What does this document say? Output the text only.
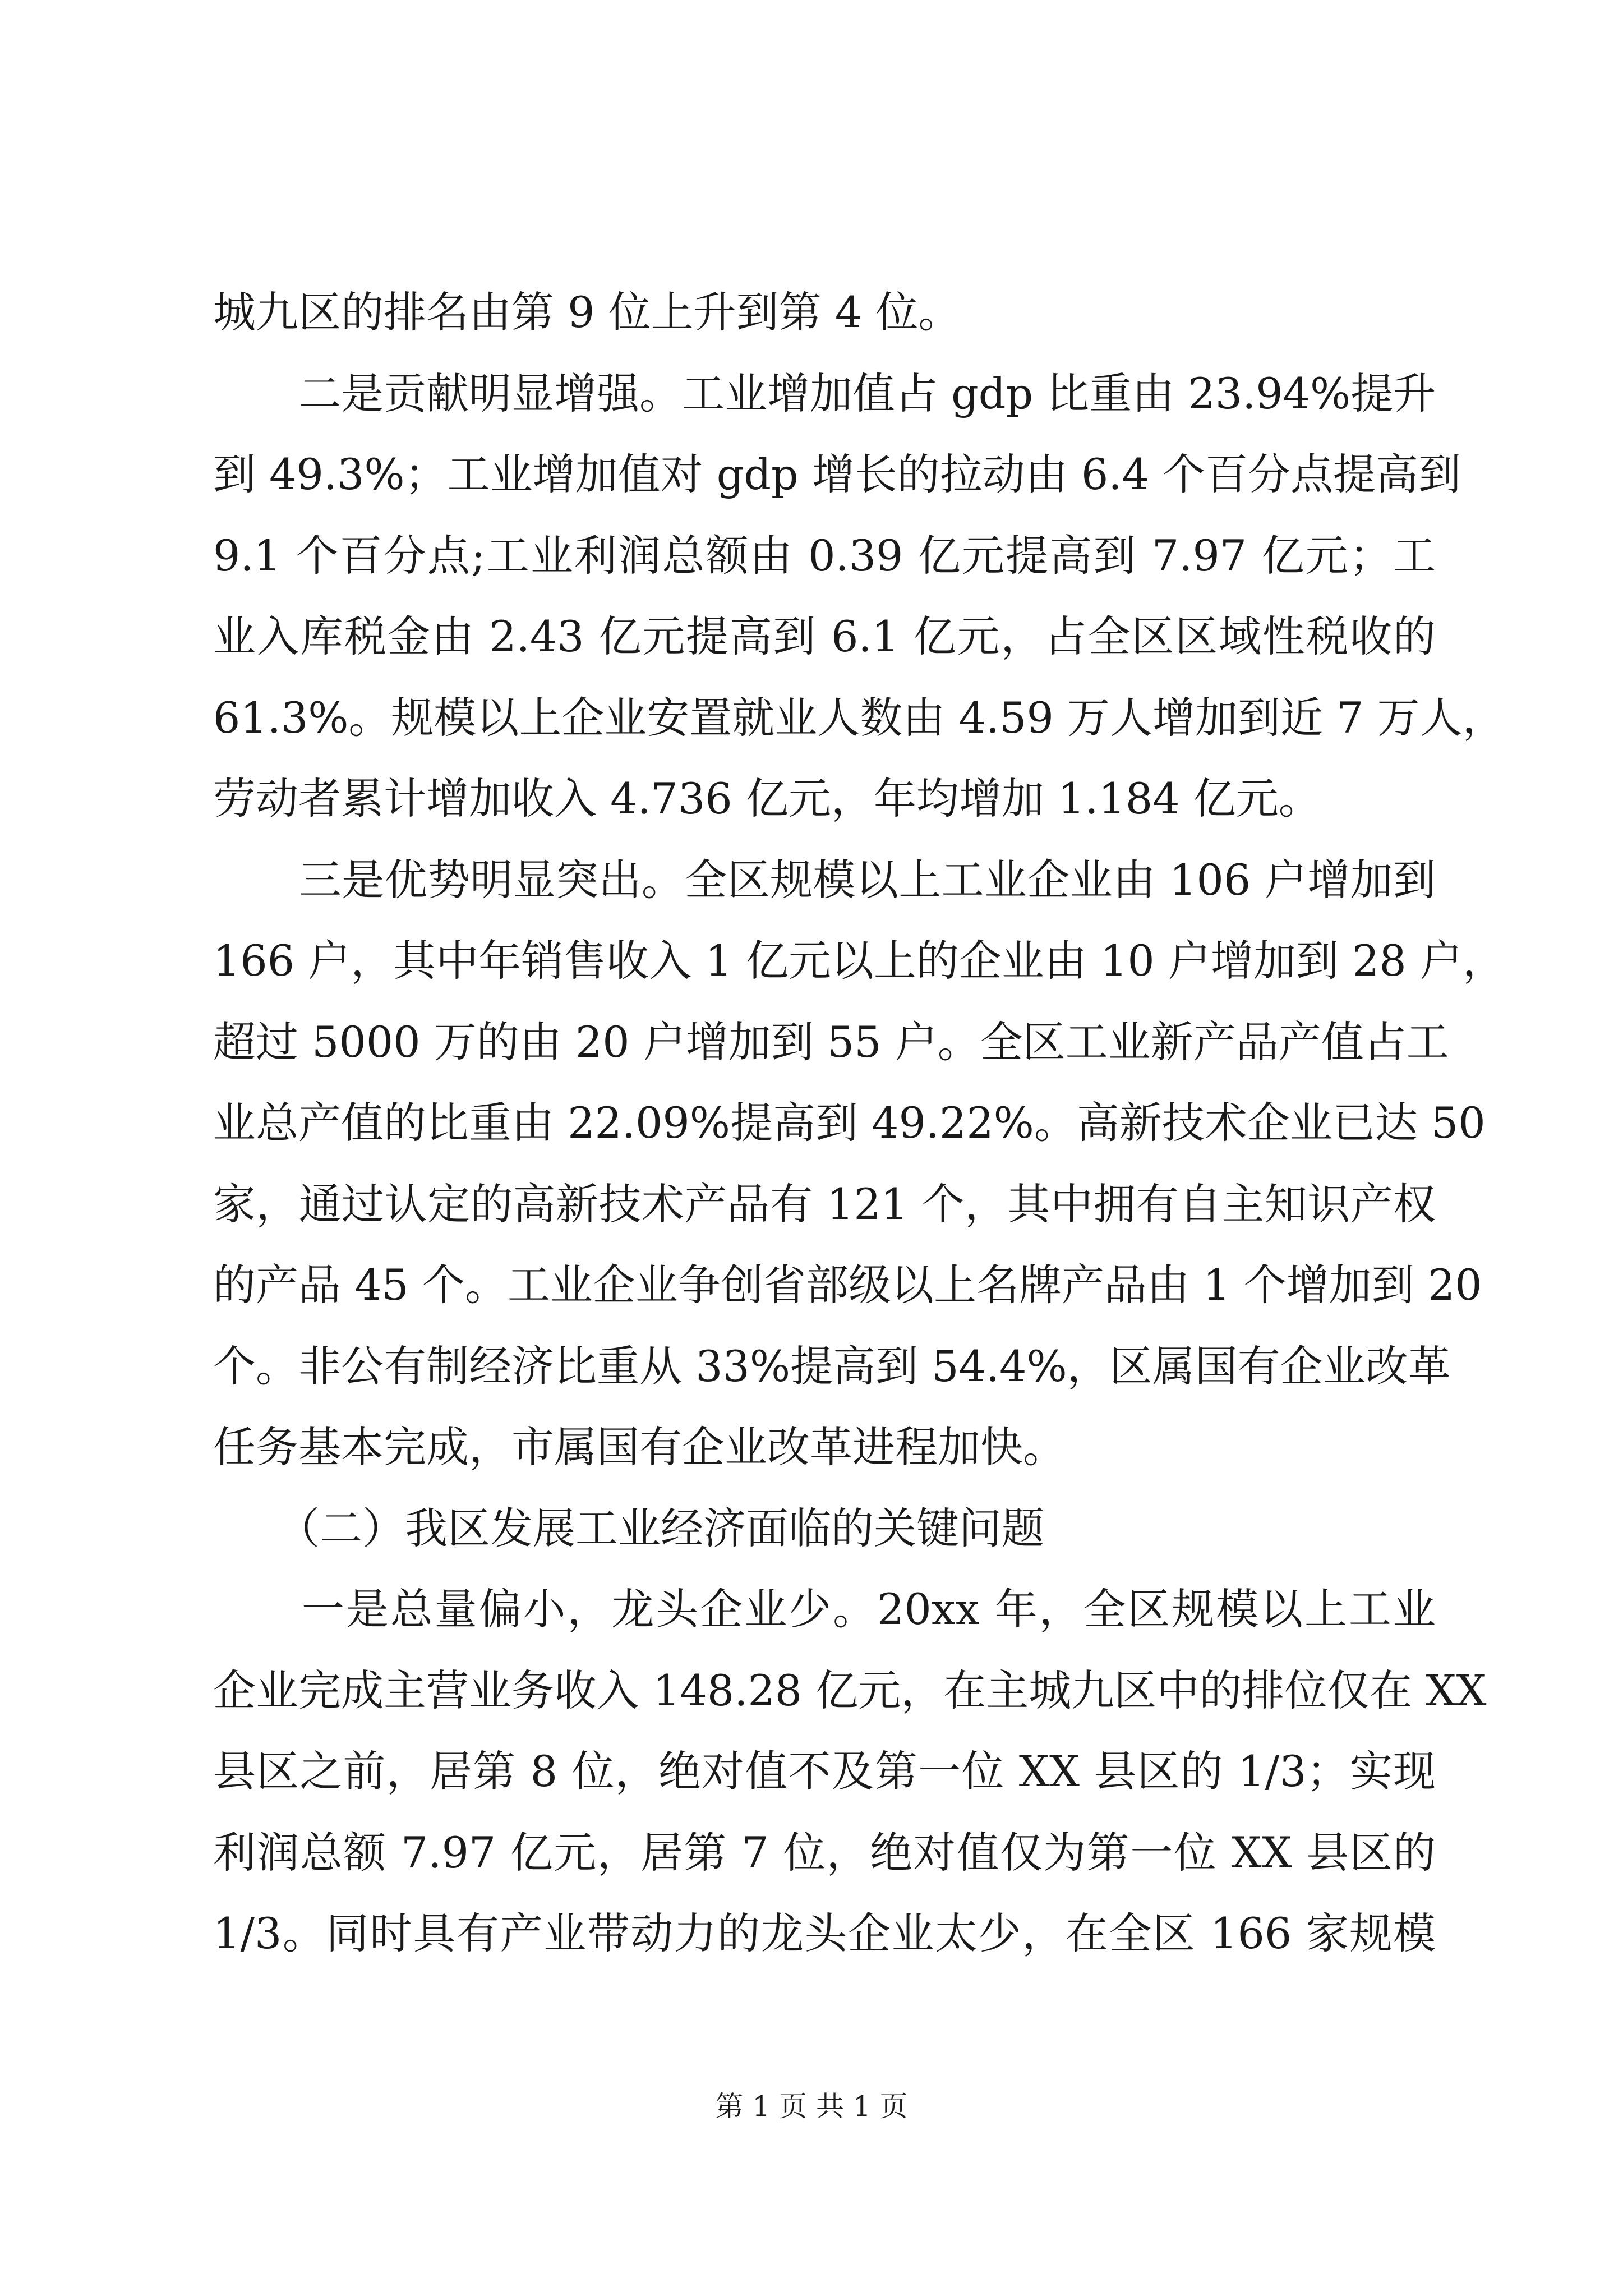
城九区的排名由第 9 位上升到第 4 位。
　　二是贡献明显增强。工业增加值占 gdp 比重由 23.94%提升
到 49.3%；工业增加值对 gdp 增长的拉动由 6.4 个百分点提高到
9.1 个百分点;工业利润总额由 0.39 亿元提高到 7.97 亿元；工
业入库税金由 2.43 亿元提高到 6.1 亿元，占全区区域性税收的
61.3%。规模以上企业安置就业人数由 4.59 万人增加到近 7 万人，
劳动者累计增加收入 4.736 亿元，年均增加 1.184 亿元。
　　三是优势明显突出。全区规模以上工业企业由 106 户增加到
166 户，其中年销售收入 1 亿元以上的企业由 10 户增加到 28 户，
超过 5000 万的由 20 户增加到 55 户。全区工业新产品产值占工
业总产值的比重由 22.09%提高到 49.22%。高新技术企业已达 50
家，通过认定的高新技术产品有 121 个，其中拥有自主知识产权
的产品 45 个。工业企业争创省部级以上名牌产品由 1 个增加到 20
个。非公有制经济比重从 33%提高到 54.4%，区属国有企业改革
任务基本完成，市属国有企业改革进程加快。
　　（二）我区发展工业经济面临的关键问题
　　一是总量偏小，龙头企业少。20xx 年，全区规模以上工业
企业完成主营业务收入 148.28 亿元，在主城九区中的排位仅在 XX
县区之前，居第 8 位，绝对值不及第一位 XX 县区的 1/3；实现
利润总额 7.97 亿元，居第 7 位，绝对值仅为第一位 XX 县区的
1/3。同时具有产业带动力的龙头企业太少，在全区 166 家规模
第 1 页 共 1 页
